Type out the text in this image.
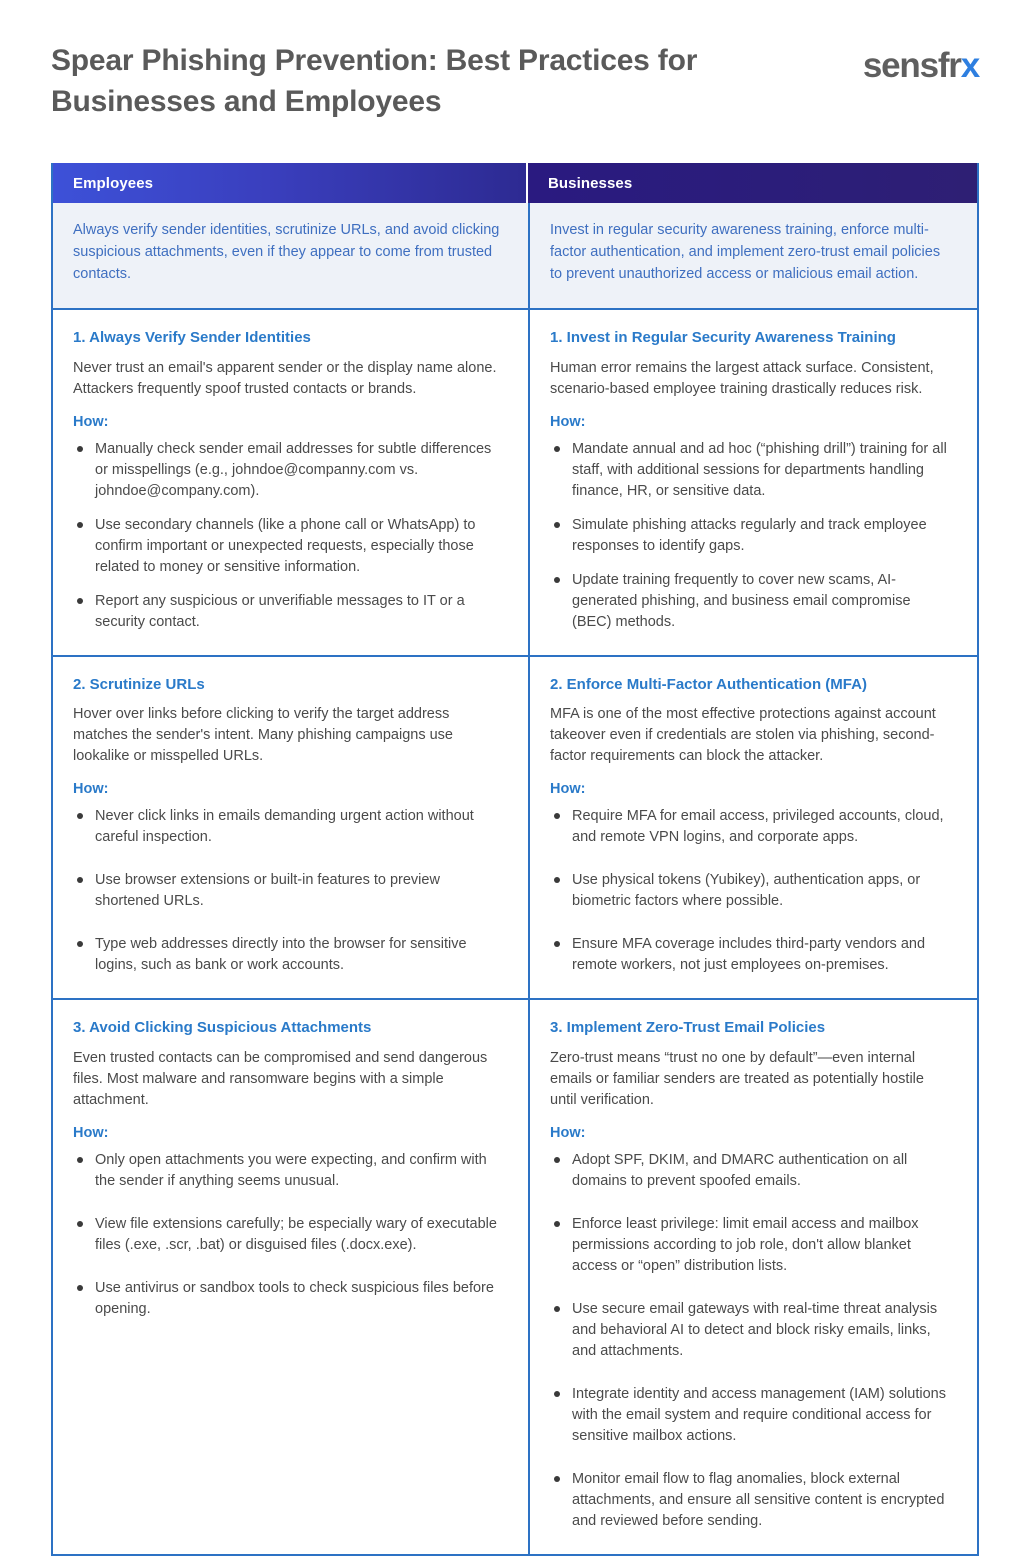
Spear Phishing Prevention: Best Practices for Businesses and Employees
sensfrx
Employees	Businesses

Always verify sender identities, scrutinize URLs, and avoid clicking suspicious attachments, even if they appear to come from trusted contacts.

Invest in regular security awareness training, enforce multi-factor authentication, and implement zero-trust email policies to prevent unauthorized access or malicious email action.

1. Always Verify Sender Identities

Never trust an email's apparent sender or the display name alone. Attackers frequently spoof trusted contacts or brands.

How:

Manually check sender email addresses for subtle differences or misspellings (e.g., johndoe@companny.com vs. johndoe@company.com).
Use secondary channels (like a phone call or WhatsApp) to confirm important or unexpected requests, especially those related to money or sensitive information.
Report any suspicious or unverifiable messages to IT or a security contact.
1. Invest in Regular Security Awareness Training

Human error remains the largest attack surface. Consistent, scenario-based employee training drastically reduces risk.

How:

Mandate annual and ad hoc (“phishing drill”) training for all staff, with additional sessions for departments handling finance, HR, or sensitive data.
Simulate phishing attacks regularly and track employee responses to identify gaps.
Update training frequently to cover new scams, AI-generated phishing, and business email compromise (BEC) methods.
2. Scrutinize URLs

Hover over links before clicking to verify the target address matches the sender's intent. Many phishing campaigns use lookalike or misspelled URLs.

How:

Never click links in emails demanding urgent action without careful inspection.
Use browser extensions or built-in features to preview shortened URLs.
Type web addresses directly into the browser for sensitive logins, such as bank or work accounts.
2. Enforce Multi-Factor Authentication (MFA)

MFA is one of the most effective protections against account takeover even if credentials are stolen via phishing, second-factor requirements can block the attacker.

How:

Require MFA for email access, privileged accounts, cloud, and remote VPN logins, and corporate apps.
Use physical tokens (Yubikey), authentication apps, or biometric factors where possible.
Ensure MFA coverage includes third-party vendors and remote workers, not just employees on-premises.
3. Avoid Clicking Suspicious Attachments

Even trusted contacts can be compromised and send dangerous files. Most malware and ransomware begins with a simple attachment.

How:

Only open attachments you were expecting, and confirm with the sender if anything seems unusual.
View file extensions carefully; be especially wary of executable files (.exe, .scr, .bat) or disguised files (.docx.exe).
Use antivirus or sandbox tools to check suspicious files before opening.
3. Implement Zero-Trust Email Policies

Zero-trust means “trust no one by default”—even internal emails or familiar senders are treated as potentially hostile until verification.

How:

Adopt SPF, DKIM, and DMARC authentication on all domains to prevent spoofed emails.
Enforce least privilege: limit email access and mailbox permissions according to job role, don't allow blanket access or “open” distribution lists.
Use secure email gateways with real-time threat analysis and behavioral AI to detect and block risky emails, links, and attachments.
Integrate identity and access management (IAM) solutions with the email system and require conditional access for sensitive mailbox actions.
Monitor email flow to flag anomalies, block external attachments, and ensure all sensitive content is encrypted and reviewed before sending.
